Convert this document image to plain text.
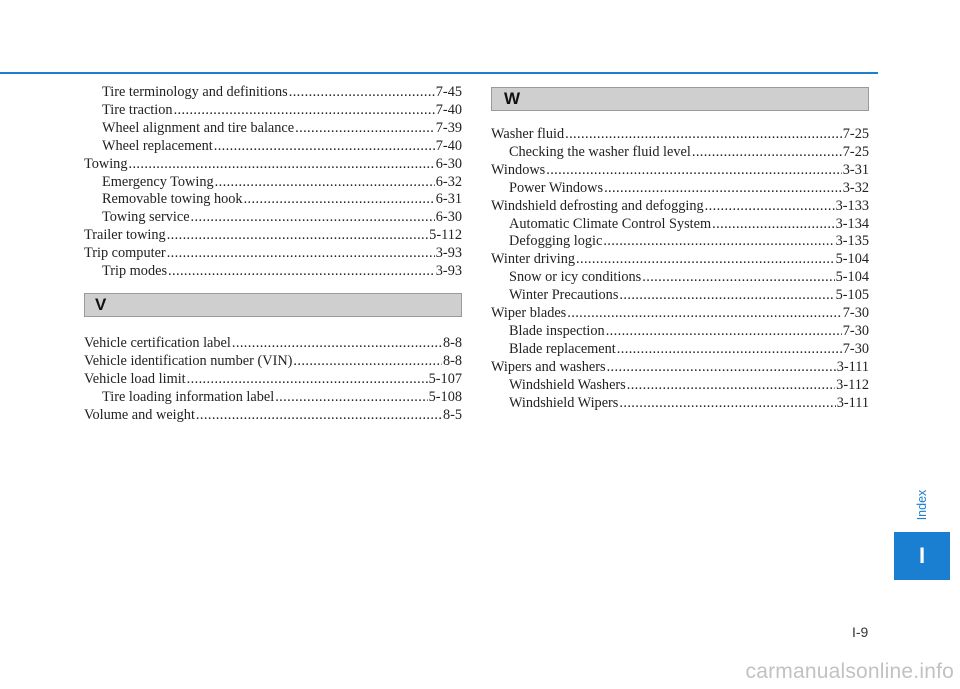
Tire terminology and definitions .....	7-45
Tire traction .....	7-40
Wheel alignment and tire balance .....	7-39
Wheel replacement .....	7-40
Towing .....	6-30
Emergency Towing .....	6-32
Removable towing hook .....	6-31
Towing service .....	6-30
Trailer towing .....	5-112
Trip computer .....	3-93
Trip modes .....	3-93
V
Vehicle certification label .....	8-8
Vehicle identification number (VIN) .....	8-8
Vehicle load limit .....	5-107
Tire loading information label .....	5-108
Volume and weight .....	8-5
W
Washer fluid .....	7-25
Checking the washer fluid level .....	7-25
Windows .....	3-31
Power Windows .....	3-32
Windshield defrosting and defogging .....	3-133
Automatic Climate Control System .....	3-134
Defogging logic .....	3-135
Winter driving .....	5-104
Snow or icy conditions .....	5-104
Winter Precautions .....	5-105
Wiper blades .....	7-30
Blade inspection .....	7-30
Blade replacement .....	7-30
Wipers and washers .....	3-111
Windshield Washers .....	3-112
Windshield Wipers .....	3-111
Index
I
I-9
carmanualsonline.info
